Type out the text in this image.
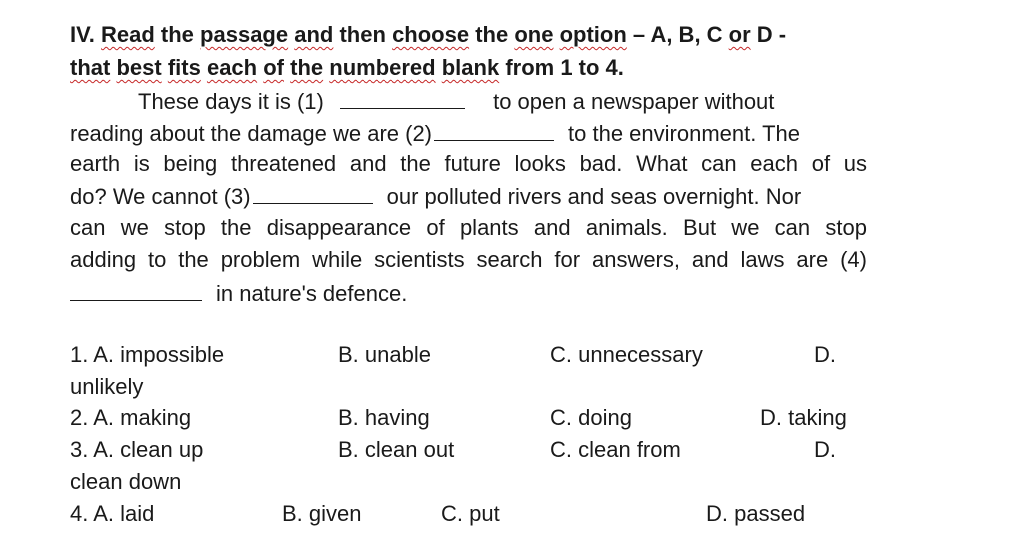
IV. Read the passage and then choose the one option – A, B, C or D -
that best fits each of the numbered blank from 1 to 4.
These days it is (1)	to open a newspaper without
reading about the damage we are (2)	to the environment. The
earth is being threatened and the future looks bad. What can each of us
do? We cannot (3)	our polluted rivers and seas overnight. Nor
can we stop the disappearance of plants and animals. But we can stop
adding to the problem while scientists search for answers, and laws are (4)
in nature's defence.
1. A. impossible	B. unable	C. unnecessary	D.
unlikely
2. A. making	B. having	C. doing	D. taking
3. A. clean up	B. clean out	C. clean from	D.
clean down
4. A. laid	B. given	C. put	D. passed
